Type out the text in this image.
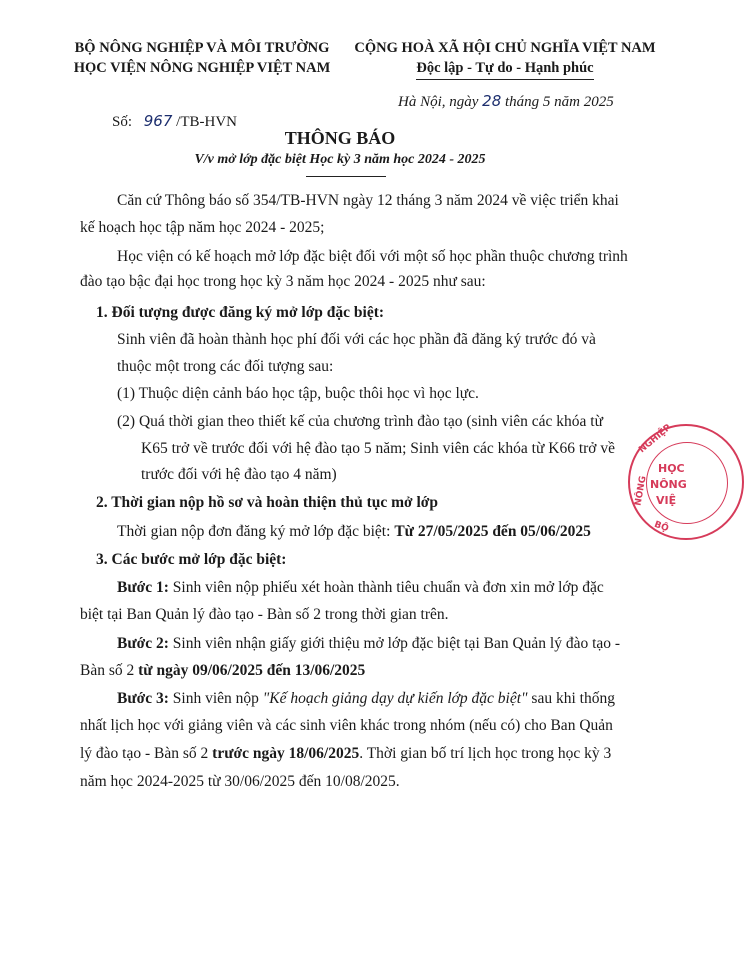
BỘ NÔNG NGHIỆP VÀ MÔI TRƯỜNG
HỌC VIỆN NÔNG NGHIỆP VIỆT NAM
CỘNG HOÀ XÃ HỘI CHỦ NGHĨA VIỆT NAM
Độc lập - Tự do - Hạnh phúc
Hà Nội, ngày 28 tháng 5 năm 2025
Số: 967 /TB-HVN
THÔNG BÁO
V/v mở lớp đặc biệt Học kỳ 3 năm học 2024 - 2025
Căn cứ Thông báo số 354/TB-HVN ngày 12 tháng 3 năm 2024 về việc triển khai
kế hoạch học tập năm học 2024 - 2025;
Học viện có kế hoạch mở lớp đặc biệt đối với một số học phần thuộc chương trình
đào tạo bậc đại học trong học kỳ 3 năm học 2024 - 2025 như sau:
1. Đối tượng được đăng ký mở lớp đặc biệt:
Sinh viên đã hoàn thành học phí đối với các học phần đã đăng ký trước đó và
thuộc một trong các đối tượng sau:
(1) Thuộc diện cảnh báo học tập, buộc thôi học vì học lực.
(2) Quá thời gian theo thiết kế của chương trình đào tạo (sinh viên các khóa từ
K65 trở về trước đối với hệ đào tạo 5 năm; Sinh viên các khóa từ K66 trở về
trước đối với hệ đào tạo 4 năm)
2. Thời gian nộp hồ sơ và hoàn thiện thủ tục mở lớp
Thời gian nộp đơn đăng ký mở lớp đặc biệt: Từ 27/05/2025 đến 05/06/2025
3. Các bước mở lớp đặc biệt:
Bước 1: Sinh viên nộp phiếu xét hoàn thành tiêu chuẩn và đơn xin mở lớp đặc
biệt tại Ban Quản lý đào tạo - Bàn số 2 trong thời gian trên.
Bước 2: Sinh viên nhận giấy giới thiệu mở lớp đặc biệt tại Ban Quản lý đào tạo -
Bàn số 2 từ ngày 09/06/2025 đến 13/06/2025
Bước 3: Sinh viên nộp "Kế hoạch giảng dạy dự kiến lớp đặc biệt" sau khi thống
nhất lịch học với giảng viên và các sinh viên khác trong nhóm (nếu có) cho Ban Quản
lý đào tạo - Bàn số 2 trước ngày 18/06/2025. Thời gian bố trí lịch học trong học kỳ 3
năm học 2024-2025 từ 30/06/2025 đến 10/08/2025.
HỌC
NÔNG
VIỆ
NGHIỆP
NÔNG
BỘ
